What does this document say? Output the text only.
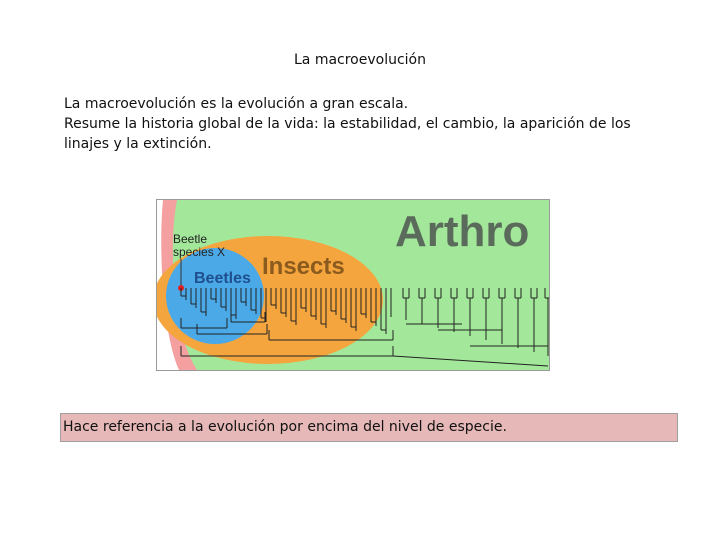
La macroevolución
La macroevolución es la evolución a gran escala.
Resume la historia global de la vida: la estabilidad, el cambio, la aparición de los
linajes y la extinción.
Arthro
Insects
Beetles
Beetle
species X
Hace referencia a la evolución por encima del nivel de especie.
